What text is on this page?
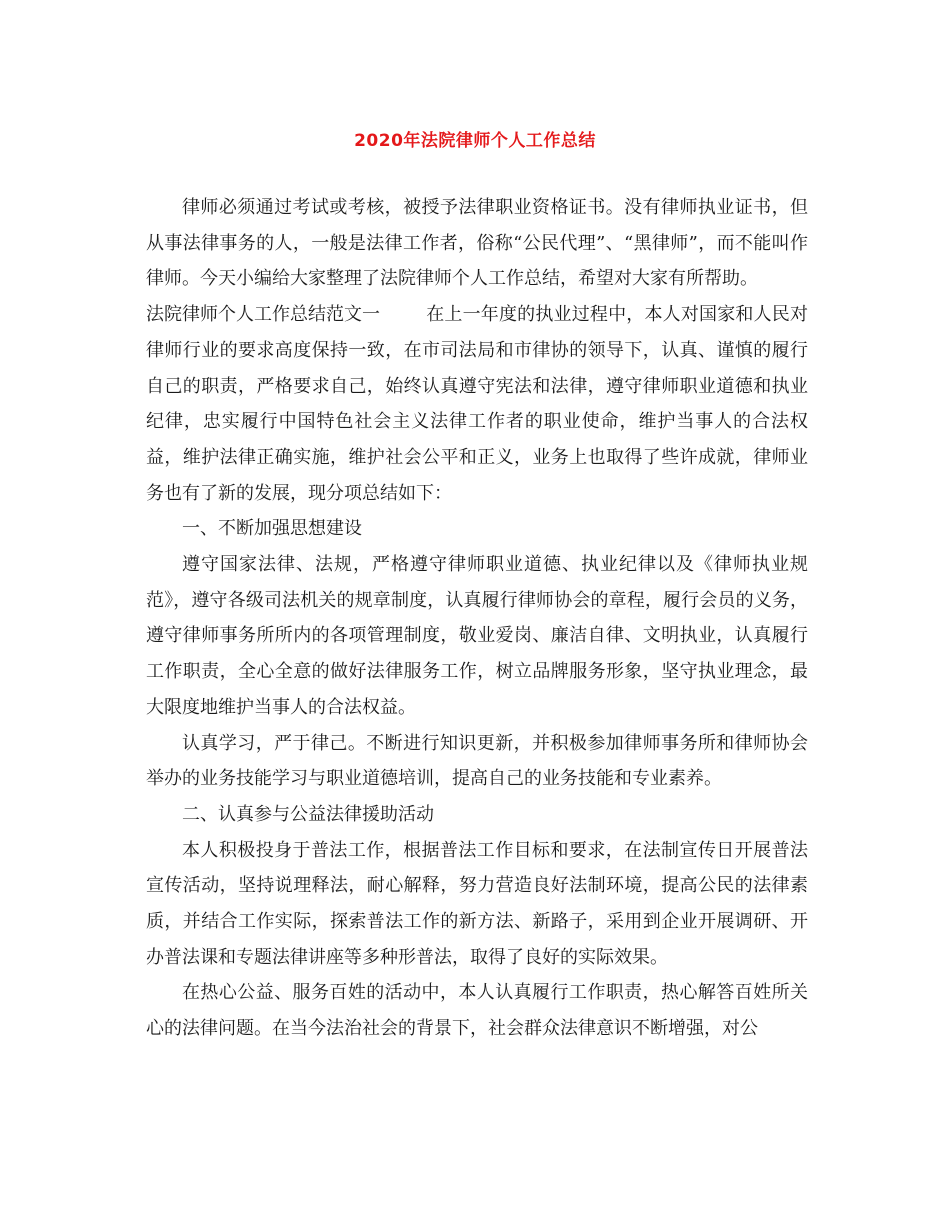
2020年法院律师个人工作总结

律师必须通过考试或考核，被授予法律职业资格证书。没有律师执业证书，但从事法律事务的人，一般是法律工作者，俗称“公民代理”、“黑律师”，而不能叫作律师。今天小编给大家整理了法院律师个人工作总结，希望对大家有所帮助。

法院律师个人工作总结范文一	在上一年度的执业过程中，本人对国家和人民对律师行业的要求高度保持一致，在市司法局和市律协的领导下，认真、谨慎的履行自己的职责，严格要求自己，始终认真遵守宪法和法律，遵守律师职业道德和执业纪律，忠实履行中国特色社会主义法律工作者的职业使命，维护当事人的合法权益，维护法律正确实施，维护社会公平和正义，业务上也取得了些许成就，律师业务也有了新的发展，现分项总结如下：

一、不断加强思想建设

遵守国家法律、法规，严格遵守律师职业道德、执业纪律以及《律师执业规范》，遵守各级司法机关的规章制度，认真履行律师协会的章程，履行会员的义务，遵守律师事务所所内的各项管理制度，敬业爱岗、廉洁自律、文明执业，认真履行工作职责，全心全意的做好法律服务工作，树立品牌服务形象，坚守执业理念，最大限度地维护当事人的合法权益。

认真学习，严于律己。不断进行知识更新，并积极参加律师事务所和律师协会举办的业务技能学习与职业道德培训，提高自己的业务技能和专业素养。

二、认真参与公益法律援助活动

本人积极投身于普法工作，根据普法工作目标和要求，在法制宣传日开展普法宣传活动，坚持说理释法，耐心解释，努力营造良好法制环境，提高公民的法律素质，并结合工作实际，探索普法工作的新方法、新路子，采用到企业开展调研、开办普法课和专题法律讲座等多种形普法，取得了良好的实际效果。

在热心公益、服务百姓的活动中，本人认真履行工作职责，热心解答百姓所关心的法律问题。在当今法治社会的背景下，社会群众法律意识不断增强，对公
